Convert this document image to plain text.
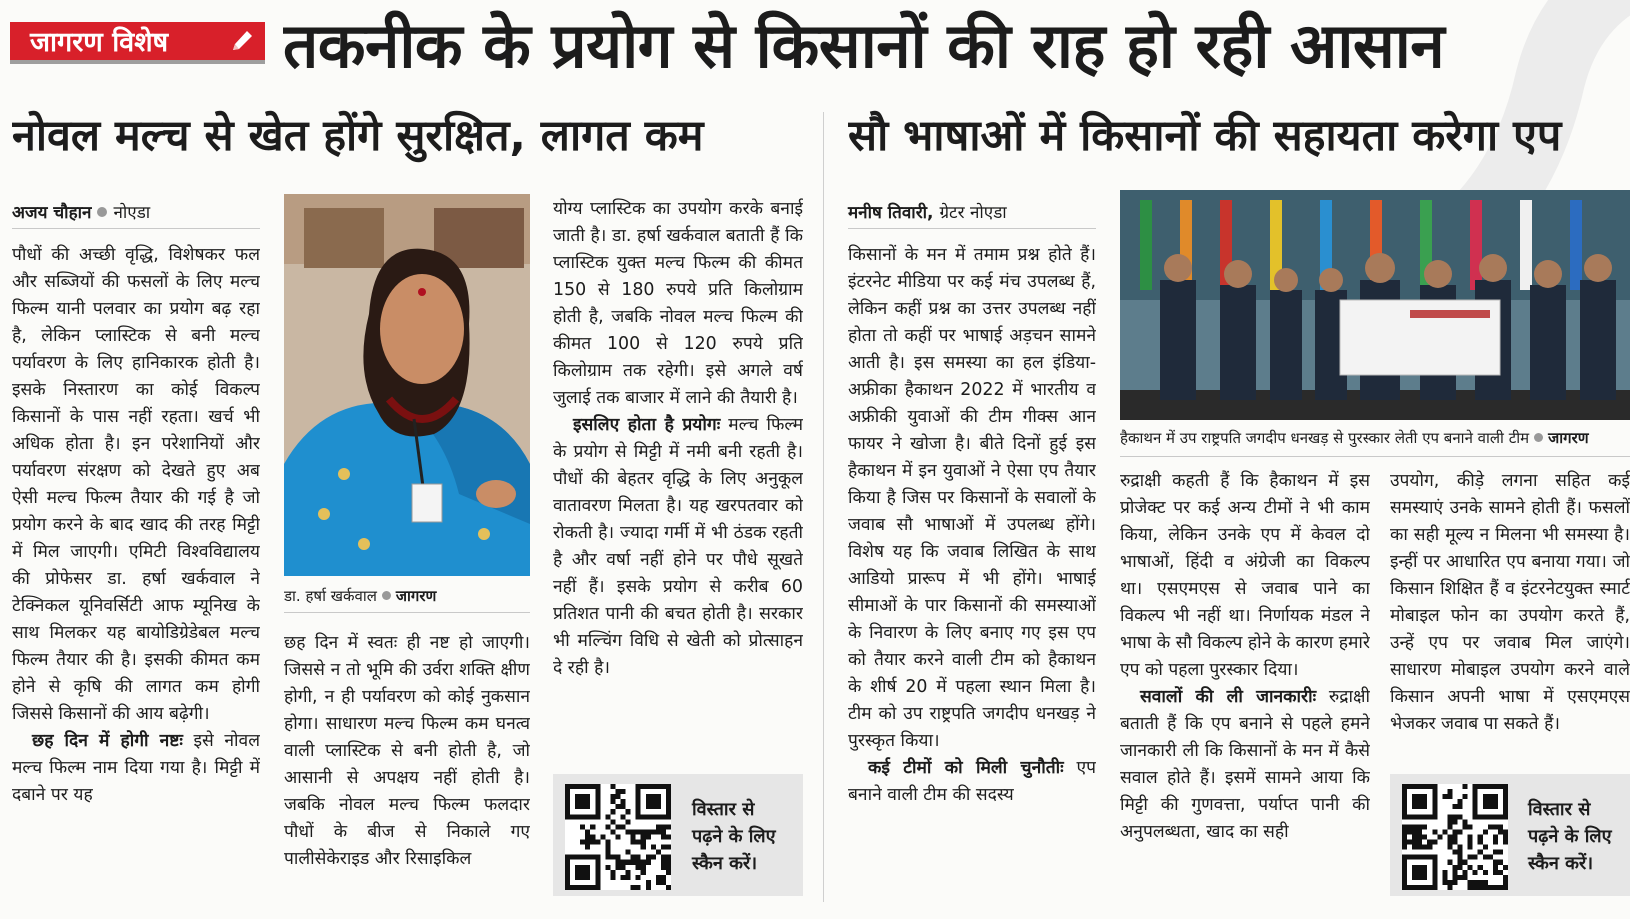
जागरण विशेष	तकनीक के प्रयोग से किसानों की राह हो रही आसान
नोवल मल्च से खेत होंगे सुरक्षित, लागत कम	सौ भाषाओं में किसानों की सहायता करेगा एप
अजय चौहान नोएडा

पौधों की अच्छी वृद्धि, विशेषकर फल और सब्जियों की फसलों के लिए मल्च फिल्म यानी पलवार का प्रयोग बढ़ रहा है, लेकिन प्लास्टिक से बनी मल्च पर्यावरण के लिए हानिकारक होती है। इसके निस्तारण का कोई विकल्प किसानों के पास नहीं रहता। खर्च भी अधिक होता है। इन परेशानियों और पर्यावरण संरक्षण को देखते हुए अब ऐसी मल्च फिल्म तैयार की गई है जो प्रयोग करने के बाद खाद की तरह मिट्टी में मिल जाएगी। एमिटी विश्वविद्यालय की प्रोफेसर डा. हर्षा खर्कवाल ने टेक्निकल यूनिवर्सिटी आफ म्यूनिख के साथ मिलकर यह बायोडिग्रेडेबल मल्च फिल्म तैयार की है। इसकी कीमत कम होने से कृषि की लागत कम होगी जिससे किसानों की आय बढ़ेगी।

छह दिन में होगी नष्टः इसे नोवल मल्च फिल्म नाम दिया गया है। मिट्टी में दबाने पर यह

डा. हर्षा खर्कवाल जागरण

छह दिन में स्वतः ही नष्ट हो जाएगी। जिससे न तो भूमि की उर्वरा शक्ति क्षीण होगी, न ही पर्यावरण को कोई नुकसान होगा। साधारण मल्च फिल्म कम घनत्व वाली प्लास्टिक से बनी होती है, जो आसानी से अपक्षय नहीं होती है। जबकि नोवल मल्च फिल्म फलदार पौधों के बीज से निकाले गए पालीसेकेराइड और रिसाइकिल

योग्य प्लास्टिक का उपयोग करके बनाई जाती है। डा. हर्षा खर्कवाल बताती हैं कि प्लास्टिक युक्त मल्च फिल्म की कीमत 150 से 180 रुपये प्रति किलोग्राम होती है, जबकि नोवल मल्च फिल्म की कीमत 100 से 120 रुपये प्रति किलोग्राम तक रहेगी। इसे अगले वर्ष जुलाई तक बाजार में लाने की तैयारी है।

इसलिए होता है प्रयोगः मल्च फिल्म के प्रयोग से मिट्टी में नमी बनी रहती है। पौधों की बेहतर वृद्धि के लिए अनुकूल वातावरण मिलता है। यह खरपतवार को रोकती है। ज्यादा गर्मी में भी ठंडक रहती है और वर्षा नहीं होने पर पौधे सूखते नहीं हैं। इसके प्रयोग से करीब 60 प्रतिशत पानी की बचत होती है। सरकार भी मल्चिंग विधि से खेती को प्रोत्साहन दे रही है।

विस्तार से
पढ़ने के लिए
स्कैन करें।
मनीष तिवारी, ग्रेटर नोएडा

किसानों के मन में तमाम प्रश्न होते हैं। इंटरनेट मीडिया पर कई मंच उपलब्ध हैं, लेकिन कहीं प्रश्न का उत्तर उपलब्ध नहीं होता तो कहीं पर भाषाई अड़चन सामने आती है। इस समस्या का हल इंडिया-अफ्रीका हैकाथन 2022 में भारतीय व अफ्रीकी युवाओं की टीम गीक्स आन फायर ने खोजा है। बीते दिनों हुई इस हैकाथन में इन युवाओं ने ऐसा एप तैयार किया है जिस पर किसानों के सवालों के जवाब सौ भाषाओं में उपलब्ध होंगे। विशेष यह कि जवाब लिखित के साथ आडियो प्रारूप में भी होंगे। भाषाई सीमाओं के पार किसानों की समस्याओं के निवारण के लिए बनाए गए इस एप को तैयार करने वाली टीम को हैकाथन के शीर्ष 20 में पहला स्थान मिला है। टीम को उप राष्ट्रपति जगदीप धनखड़ ने पुरस्कृत किया।

कई टीमों को मिली चुनौतीः एप बनाने वाली टीम की सदस्य

हैकाथन में उप राष्ट्रपति जगदीप धनखड़ से पुरस्कार लेती एप बनाने वाली टीम जागरण

रुद्राक्षी कहती हैं कि हैकाथन में इस प्रोजेक्ट पर कई अन्य टीमों ने भी काम किया, लेकिन उनके एप में केवल दो भाषाओं, हिंदी व अंग्रेजी का विकल्प था। एसएमएस से जवाब पाने का विकल्प भी नहीं था। निर्णायक मंडल ने भाषा के सौ विकल्प होने के कारण हमारे एप को पहला पुरस्कार दिया।

सवालों की ली जानकारीः रुद्राक्षी बताती हैं कि एप बनाने से पहले हमने जानकारी ली कि किसानों के मन में कैसे सवाल होते हैं। इसमें सामने आया कि मिट्टी की गुणवत्ता, पर्याप्त पानी की अनुपलब्धता, खाद का सही

उपयोग, कीड़े लगना सहित कई समस्याएं उनके सामने होती हैं। फसलों का सही मूल्य न मिलना भी समस्या है। इन्हीं पर आधारित एप बनाया गया। जो किसान शिक्षित हैं व इंटरनेटयुक्त स्मार्ट मोबाइल फोन का उपयोग करते हैं, उन्हें एप पर जवाब मिल जाएंगे। साधारण मोबाइल उपयोग करने वाले किसान अपनी भाषा में एसएमएस भेजकर जवाब पा सकते हैं।

विस्तार से
पढ़ने के लिए
स्कैन करें।
